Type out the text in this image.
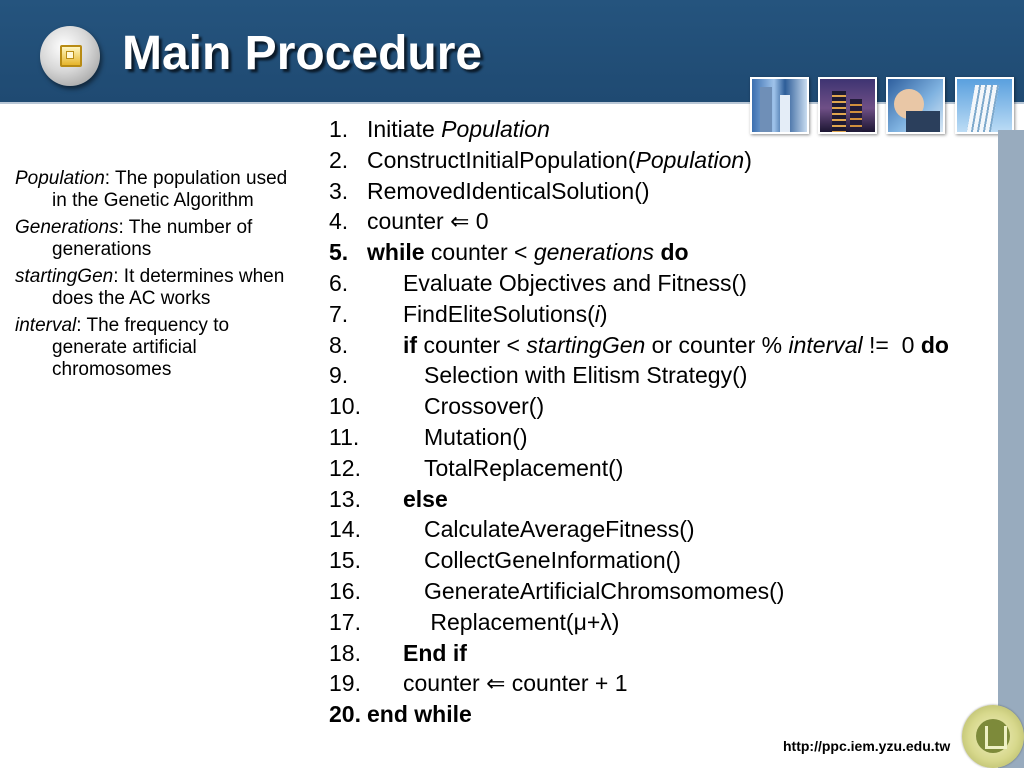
Main Procedure

Population: The population used in the Genetic Algorithm

Generations: The number of generations

startingGen: It determines when does the AC works

interval: The frequency to generate artificial chromosomes

1. Initiate Population
2. ConstructInitialPopulation(Population)
3. RemovedIdenticalSolution()
4. counter ⇐ 0
5. while counter < generations do
6. Evaluate Objectives and Fitness()
7. FindEliteSolutions(i)
8. if counter < startingGen or counter % interval !=  0 do
9.	Selection with Elitism Strategy()
10.	Crossover()
11.	Mutation()
12.	TotalReplacement()
13. else
14.	CalculateAverageFitness()
15.	CollectGeneInformation()
16.	GenerateArtificialChromsomomes()
17.	Replacement(μ+λ)
18. End if
19. counter ⇐ counter + 1
20. end while
http://ppc.iem.yzu.edu.tw
